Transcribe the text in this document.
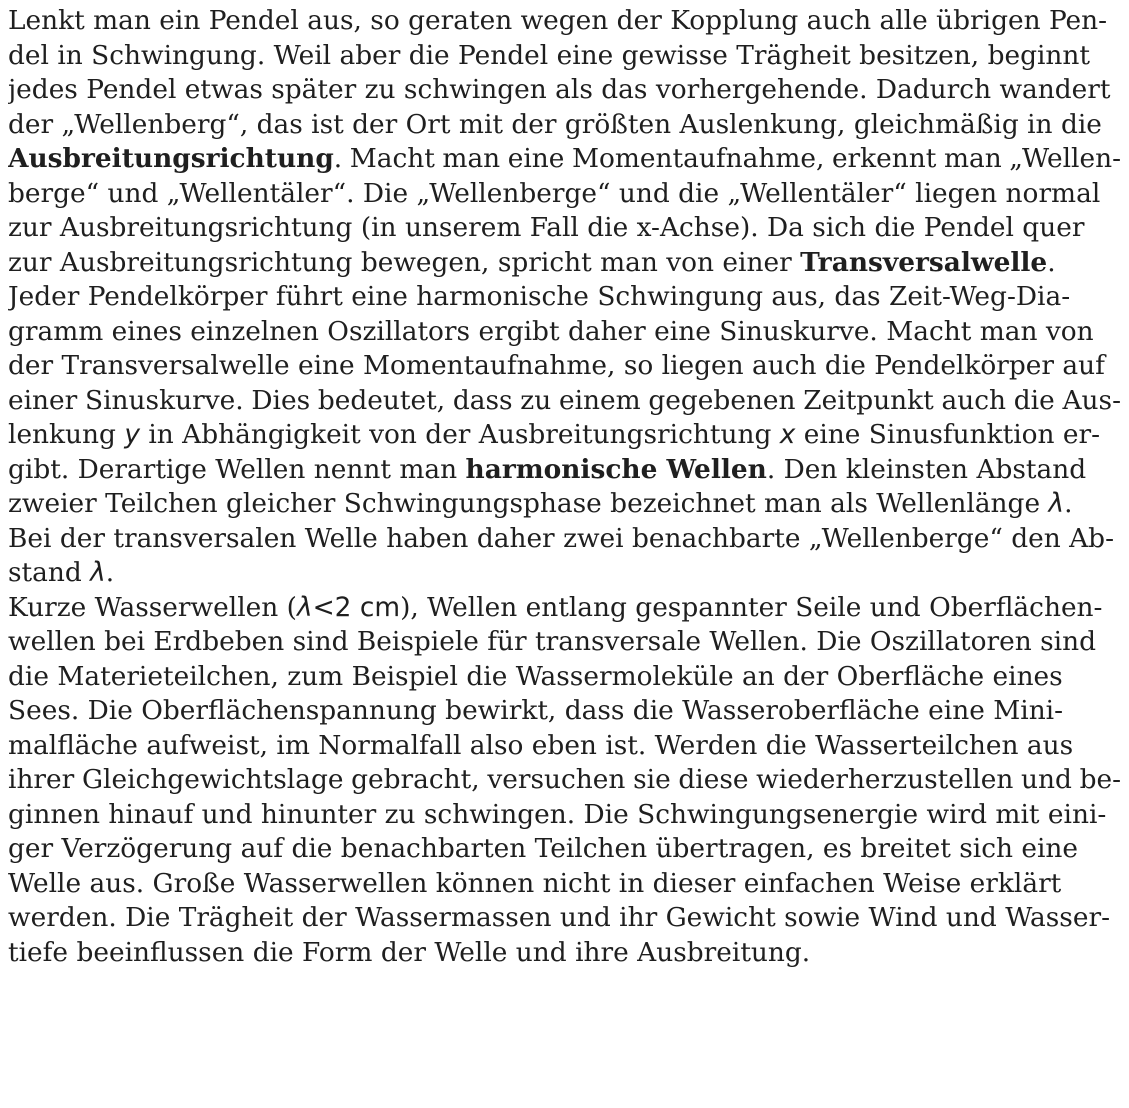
Lenkt man ein Pendel aus, so geraten wegen der Kopplung auch alle übrigen Pen-
del in Schwingung. Weil aber die Pendel eine gewisse Trägheit besitzen, beginnt
jedes Pendel etwas später zu schwingen als das vorhergehende. Dadurch wandert
der „Wellenberg“, das ist der Ort mit der größten Auslenkung, gleichmäßig in die
Ausbreitungsrichtung. Macht man eine Momentaufnahme, erkennt man „Wellen-
berge“ und „Wellentäler“. Die „Wellenberge“ und die „Wellentäler“ liegen normal
zur Ausbreitungsrichtung (in unserem Fall die x-Achse). Da sich die Pendel quer
zur Ausbreitungsrichtung bewegen, spricht man von einer Transversalwelle.
Jeder Pendelkörper führt eine harmonische Schwingung aus, das Zeit-Weg-Dia-
gramm eines einzelnen Oszillators ergibt daher eine Sinuskurve. Macht man von
der Transversalwelle eine Momentaufnahme, so liegen auch die Pendelkörper auf
einer Sinuskurve. Dies bedeutet, dass zu einem gegebenen Zeitpunkt auch die Aus-
lenkung y in Abhängigkeit von der Ausbreitungsrichtung x eine Sinusfunktion er-
gibt. Derartige Wellen nennt man harmonische Wellen. Den kleinsten Abstand
zweier Teilchen gleicher Schwingungsphase bezeichnet man als Wellenlänge λ.
Bei der transversalen Welle haben daher zwei benachbarte „Wellenberge“ den Ab-
stand λ.
Kurze Wasserwellen (λ<2 cm), Wellen entlang gespannter Seile und Oberflächen-
wellen bei Erdbeben sind Beispiele für transversale Wellen. Die Oszillatoren sind
die Materieteilchen, zum Beispiel die Wassermoleküle an der Oberfläche eines
Sees. Die Oberflächenspannung bewirkt, dass die Wasseroberfläche eine Mini-
malfläche aufweist, im Normalfall also eben ist. Werden die Wasserteilchen aus
ihrer Gleichgewichtslage gebracht, versuchen sie diese wiederherzustellen und be-
ginnen hinauf und hinunter zu schwingen. Die Schwingungsenergie wird mit eini-
ger Verzögerung auf die benachbarten Teilchen übertragen, es breitet sich eine
Welle aus. Große Wasserwellen können nicht in dieser einfachen Weise erklärt
werden. Die Trägheit der Wassermassen und ihr Gewicht sowie Wind und Wasser-
tiefe beeinflussen die Form der Welle und ihre Ausbreitung.
